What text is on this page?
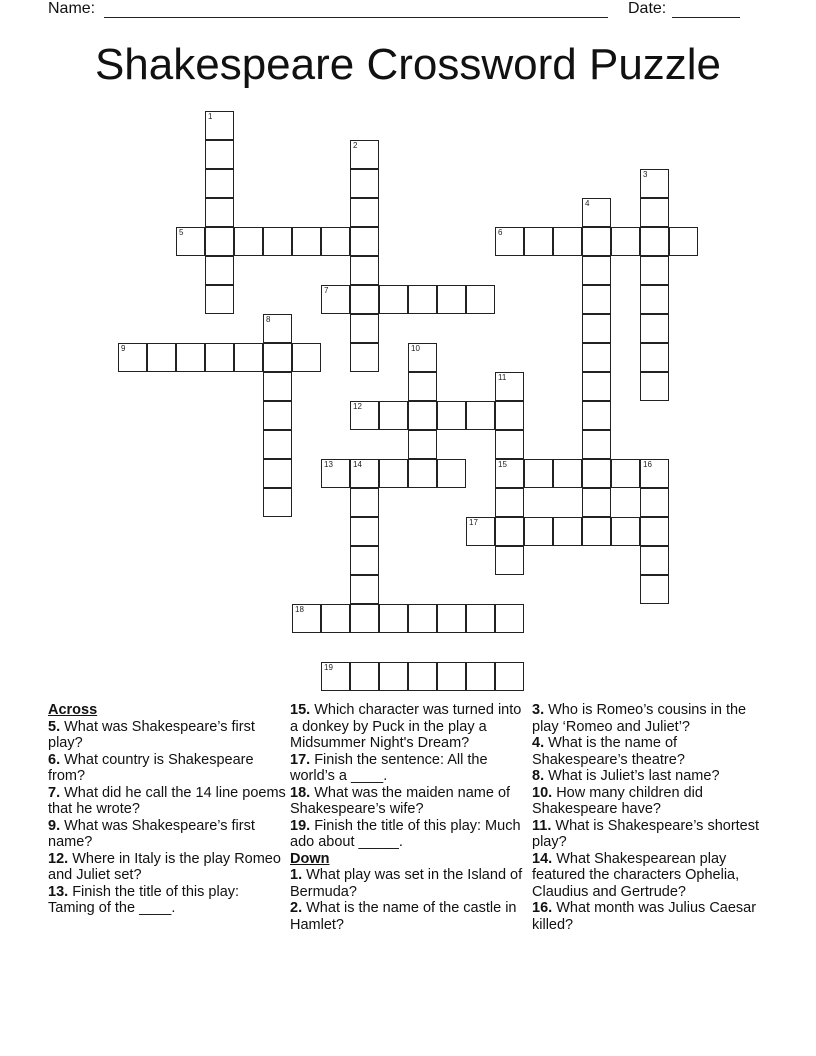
Name:	Date:
Shakespeare Crossword Puzzle
1
2
3
4
5	6
7
8
9	10
11
15
12
13	14	16
17
18
19

Across

5. What was Shakespeare’s first play?

6. What country is Shakespeare from?

7. What did he call the 14 line poems that he wrote?

9. What was Shakespeare’s first name?

12. Where in Italy is the play Romeo and Juliet set?

13. Finish the title of this play: Taming of the ____.

15. Which character was turned into a donkey by Puck in the play a Midsummer Night's Dream?

17. Finish the sentence: All the world’s a ____.

18. What was the maiden name of Shakespeare’s wife?

19. Finish the title of this play: Much ado about _____.

Down

1. What play was set in the Island of Bermuda?

2. What is the name of the castle in Hamlet?

3. Who is Romeo’s cousins in the play ‘Romeo and Juliet’?

4. What is the name of Shakespeare’s theatre?

8. What is Juliet’s last name?

10. How many children did Shakespeare have?

11. What is Shakespeare’s shortest play?

14. What Shakespearean play featured the characters Ophelia, Claudius and Gertrude?

16. What month was Julius Caesar killed?
